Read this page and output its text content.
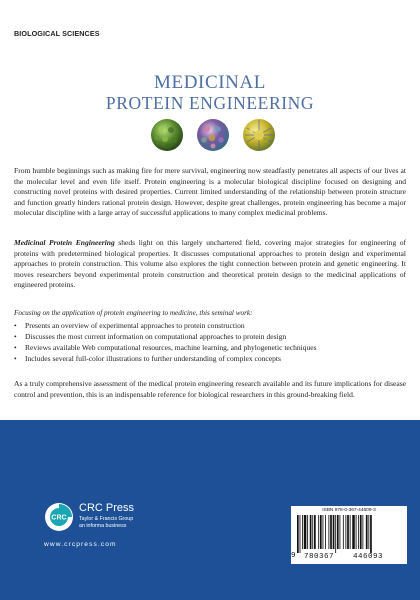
BIOLOGICAL SCIENCES
MEDICINAL
PROTEIN ENGINEERING
From humble beginnings such as making fire for mere survival, engineering now steadfastly penetrates all aspects of our lives at the molecular level and even life itself. Protein engineering is a molecular biological discipline focused on designing and constructing novel proteins with desired properties. Current limited understanding of the relationship between protein structure and function greatly hinders rational protein design. However, despite great challenges, protein engineering has become a major molecular discipline with a large array of successful applications to many complex medicinal problems.
Medicinal Protein Engineering sheds light on this largely unchartered field, covering major strategies for engineering of proteins with predetermined biological properties. It discusses computational approaches to protein design and experimental approaches to protein construction. This volume also explores the tight connection between protein and genetic engineering. It moves researchers beyond experimental protein construction and theoretical protein design to the medicinal applications of engineered proteins.
Focusing on the application of protein engineering to medicine, this seminal work:
• Presents an overview of experimental approaches to protein construction
• Discusses the most current information on computational approaches to protein design
• Reviews available Web computational resources, machine learning, and phylogenetic techniques
• Includes several full-color illustrations to further understanding of complex concepts
As a truly comprehensive assessment of the medical protein engineering research available and its future implications for disease control and prevention, this is an indispensable reference for biological researchers in this ground-breaking field.
CRC
CRC Press
Taylor & Francis Group
an informa business
www.crcpress.com
ISBN 978-0-367-44609-3
9 780367	446093
